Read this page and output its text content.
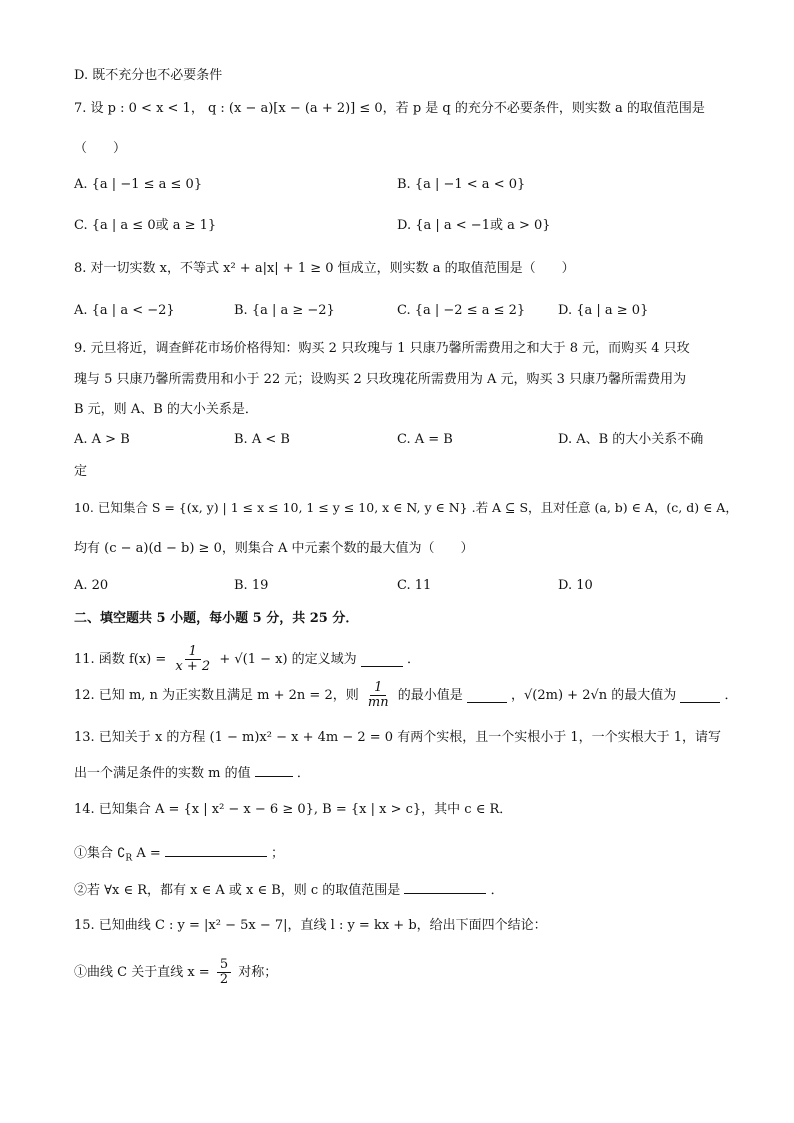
D. 既不充分也不必要条件
7. 设 p : 0 < x < 1， q : (x − a)[x − (a + 2)] ≤ 0，若 p 是 q 的充分不必要条件，则实数 a 的取值范围是
（　　）
A. {a | −1 ≤ a ≤ 0}	B. {a | −1 < a < 0}
C. {a | a ≤ 0或 a ≥ 1}	D. {a | a < −1或 a > 0}
8. 对一切实数 x，不等式 x² + a|x| + 1 ≥ 0 恒成立，则实数 a 的取值范围是（　　）
A. {a | a < −2}	B. {a | a ≥ −2}	C. {a | −2 ≤ a ≤ 2}	D. {a | a ≥ 0}
9. 元旦将近，调查鲜花市场价格得知：购买 2 只玫瑰与 1 只康乃馨所需费用之和大于 8 元，而购买 4 只玫
瑰与 5 只康乃馨所需费用和小于 22 元；设购买 2 只玫瑰花所需费用为 A 元，购买 3 只康乃馨所需费用为
B 元，则 A、B 的大小关系是．
A. A > B	B. A < B	C. A = B	D. A、B 的大小关系不确
定
10. 已知集合 S = {(x, y) | 1 ≤ x ≤ 10, 1 ≤ y ≤ 10, x ∈ N, y ∈ N} .若 A ⊆ S，且对任意 (a, b) ∈ A，(c, d) ∈ A，
均有 (c − a)(d − b) ≥ 0，则集合 A 中元素个数的最大值为（　　）
A. 20	B. 19	C. 11	D. 10
二、填空题共 5 小题，每小题 5 分，共 25 分．
11. 函数 $f(x) = \frac{1}{x + 2} + √(1 - x)$ 的定义域为	．
12. 已知 m, n 为正实数且满足 m + 2n = 2，则 $\frac{1}{mn}$ 的最小值是	，√(2m) + 2√n 的最大值为	．
13. 已知关于 x 的方程 (1 − m)x² − x + 4m − 2 = 0 有两个实根，且一个实根小于 1，一个实根大于 1，请写
出一个满足条件的实数 m 的值	．
14. 已知集合 A = {x | x² − x − 6 ≥ 0}, B = {x | x > c}，其中 c ∈ R．
①集合 $∁_R$ A =	；
②若 ∀x ∈ R，都有 x ∈ A 或 x ∈ B，则 c 的取值范围是	．
15. 已知曲线 C : y = |x² − 5x − 7|，直线 l : y = kx + b，给出下面四个结论：
①曲线 C 关于直线 $x = \frac{5}{2}$ 对称；
